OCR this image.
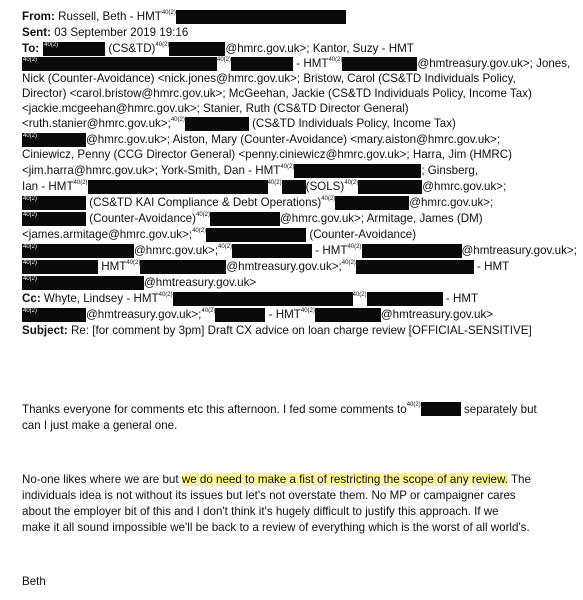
From: Russell, Beth - HMT40(2)
Sent: 03 September 2019 19:16
To: 40(2)	(CS&TD)40(2)	@hmrc.gov.uk>; Kantor, Suzy - HMT
40(2)	40(2)	- HMT40(2)	@hmtreasury.gov.uk>; Jones,
Nick (Counter-Avoidance) <nick.jones@hmrc.gov.uk>; Bristow, Carol (CS&TD Individuals Policy,
Director) <carol.bristow@hmrc.gov.uk>; McGeehan, Jackie (CS&TD Individuals Policy, Income Tax)
<jackie.mcgeehan@hmrc.gov.uk>; Stanier, Ruth (CS&TD Director General)
<ruth.stanier@hmrc.gov.uk>;40(2)	(CS&TD Individuals Policy, Income Tax)
40(2)	@hmrc.gov.uk>; Aiston, Mary (Counter-Avoidance) <mary.aiston@hmrc.gov.uk>;
Ciniewicz, Penny (CCG Director General) <penny.ciniewicz@hmrc.gov.uk>; Harra, Jim (HMRC)
<jim.harra@hmrc.gov.uk>; York-Smith, Dan - HMT40(2)	; Ginsberg,
Ian - HMT40(2)	40(2) (SOLS)40(2)	@hmrc.gov.uk>;
40(2)	(CS&TD KAI Compliance & Debt Operations)40(2)	@hmrc.gov.uk>;
40(2)	(Counter-Avoidance)40(2)	@hmrc.gov.uk>; Armitage, James (DM)
<james.armitage@hmrc.gov.uk>;40(2)	(Counter-Avoidance)
40(2)	@hmrc.gov.uk>;40(2)	- HMT40(2)	@hmtreasury.gov.uk>;
40(2)	HMT40(2)	@hmtreasury.gov.uk>;40(2)	- HMT
40(2)	@hmtreasury.gov.uk>
Cc: Whyte, Lindsey - HMT40(2)	40(2)	- HMT
40(2)	@hmtreasury.gov.uk>;40(2)	- HMT40(2)	@hmtreasury.gov.uk>
Subject: Re: [for comment by 3pm] Draft CX advice on loan charge review [OFFICIAL-SENSITIVE]
Thanks everyone for comments etc this afternoon. I fed some comments to40(2)	separately but
can I just make a general one.
No-one likes where we are but we do need to make a fist of restricting the scope of any review. The
individuals idea is not without its issues but let's not overstate them. No MP or campaigner cares
about the employer bit of this and I don't think it's hugely difficult to justify this approach. If we
make it all sound impossible we'll be back to a review of everything which is the worst of all world's.
Beth
